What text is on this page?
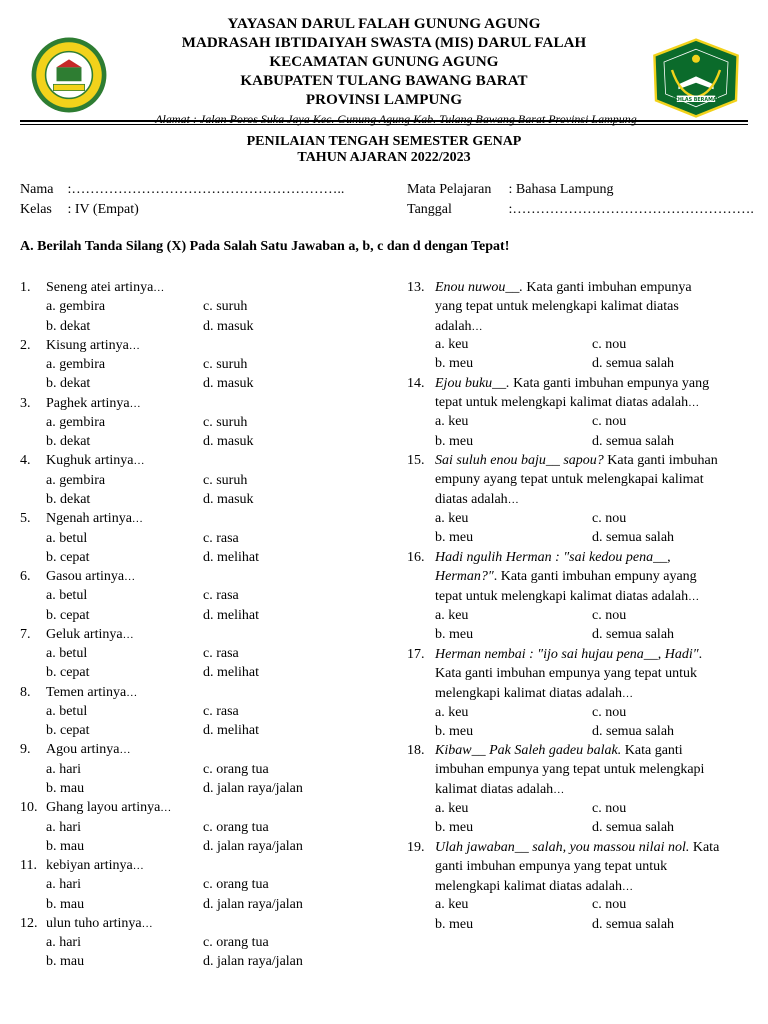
IKHLAS BERAMAL
YAYASAN DARUL FALAH GUNUNG AGUNG
MADRASAH IBTIDAIYAH SWASTA (MIS) DARUL FALAH
KECAMATAN GUNUNG AGUNG
KABUPATEN TULANG BAWANG BARAT
PROVINSI LAMPUNG
Alamat : Jalan Poros Suka Jaya Kec. Gunung Agung Kab. Tulang Bawang Barat Provinsi Lampung
PENILAIAN TENGAH SEMESTER GENAP
TAHUN AJARAN 2022/2023
Nama :…………………………………………………..
Kelas : IV (Empat)
Mata Pelajaran : Bahasa Lampung
Tanggal	:…………………………………………….
A. Berilah Tanda Silang (X) Pada Salah Satu Jawaban a, b, c dan d dengan Tepat!
1. Seneng atei artinya…
a. gembira	c. suruh
b. dekat	d. masuk
2. Kisung artinya…
a. gembira	c. suruh
b. dekat	d. masuk
3. Paghek artinya…
a. gembira	c. suruh
b. dekat	d. masuk
4. Kughuk artinya…
a. gembira	c. suruh
b. dekat	d. masuk
5. Ngenah artinya…
a. betul	c. rasa
b. cepat	d. melihat
6. Gasou artinya…
a. betul	c. rasa
b. cepat	d. melihat
7. Geluk artinya…
a. betul	c. rasa
b. cepat	d. melihat
8. Temen artinya…
a. betul	c. rasa
b. cepat	d. melihat
9. Agou artinya…
a. hari	c. orang tua
b. mau	d. jalan raya/jalan
10. Ghang layou artinya…
a. hari	c. orang tua
b. mau	d. jalan raya/jalan
11. kebiyan artinya…
a. hari	c. orang tua
b. mau	d. jalan raya/jalan
12. ulun tuho artinya…
a. hari	c. orang tua
b. mau	d. jalan raya/jalan
13. Enou nuwou__. Kata ganti imbuhan empunya
yang tepat untuk melengkapi kalimat diatas
adalah…
a. keu	c. nou
b. meu	d. semua salah
14. Ejou buku__. Kata ganti imbuhan empunya yang
tepat untuk melengkapi kalimat diatas adalah…
a. keu	c. nou
b. meu	d. semua salah
15. Sai suluh enou baju__ sapou? Kata ganti imbuhan
empuny ayang tepat untuk melengkapai kalimat
diatas adalah…
a. keu	c. nou
b. meu	d. semua salah
16. Hadi ngulih Herman : ″sai kedou pena__,
Herman?″. Kata ganti imbuhan empuny ayang
tepat untuk melengkapi kalimat diatas adalah…
a. keu	c. nou
b. meu	d. semua salah
17. Herman nembai : ″ijo sai hujau pena__, Hadi″.
Kata ganti imbuhan empunya yang tepat untuk
melengkapi kalimat diatas adalah…
a. keu	c. nou
b. meu	d. semua salah
18. Kibaw__ Pak Saleh gadeu balak. Kata ganti
imbuhan empunya yang tepat untuk melengkapi
kalimat diatas adalah…
a. keu	c. nou
b. meu	d. semua salah
19. Ulah jawaban__ salah, you massou nilai nol. Kata
ganti imbuhan empunya yang tepat untuk
melengkapi kalimat diatas adalah…
a. keu	c. nou
b. meu	d. semua salah
